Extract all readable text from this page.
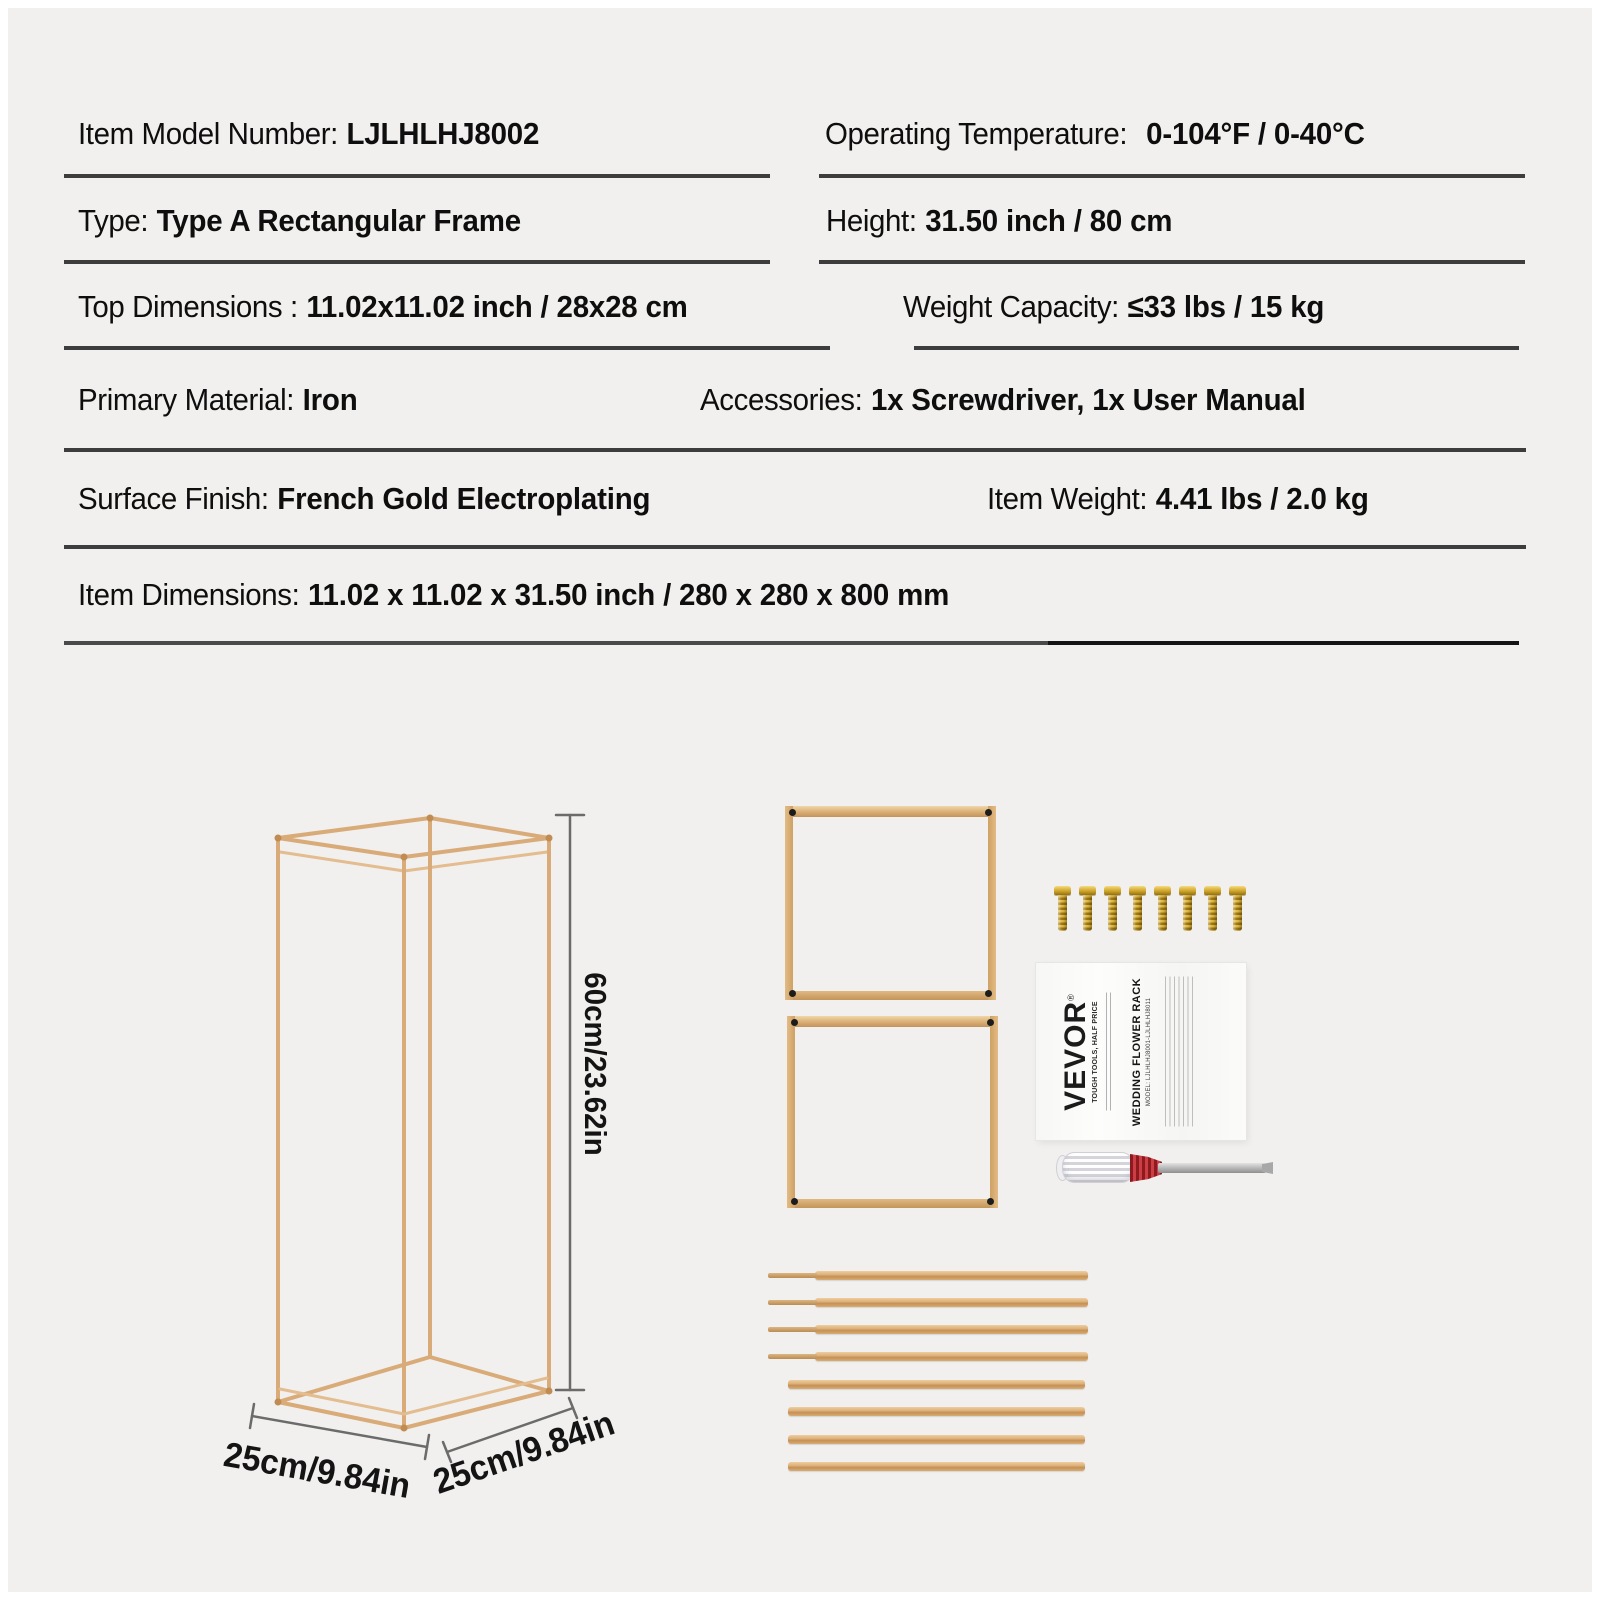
Item Model Number: LJLHLHJ8002	Operating Temperature: 0-104°F / 0-40°C
Type: Type A Rectangular Frame	Height: 31.50 inch / 80 cm
Top Dimensions : 11.02x11.02 inch / 28x28 cm	Weight Capacity: ≤33 lbs / 15 kg
Primary Material: Iron	Accessories: 1x Screwdriver, 1x User Manual
Surface Finish: French Gold Electroplating	Item Weight: 4.41 lbs / 2.0 kg
Item Dimensions: 11.02 x 11.02 x 31.50 inch / 280 x 280 x 800 mm
60cm/23.62in
25cm/9.84in 25cm/9.84in
VEVOR®
TOUGH TOOLS, HALF PRICE	WEDDING FLOWER RACK MODEL: LJLHLHJ8001-LJLHLHJ8011
